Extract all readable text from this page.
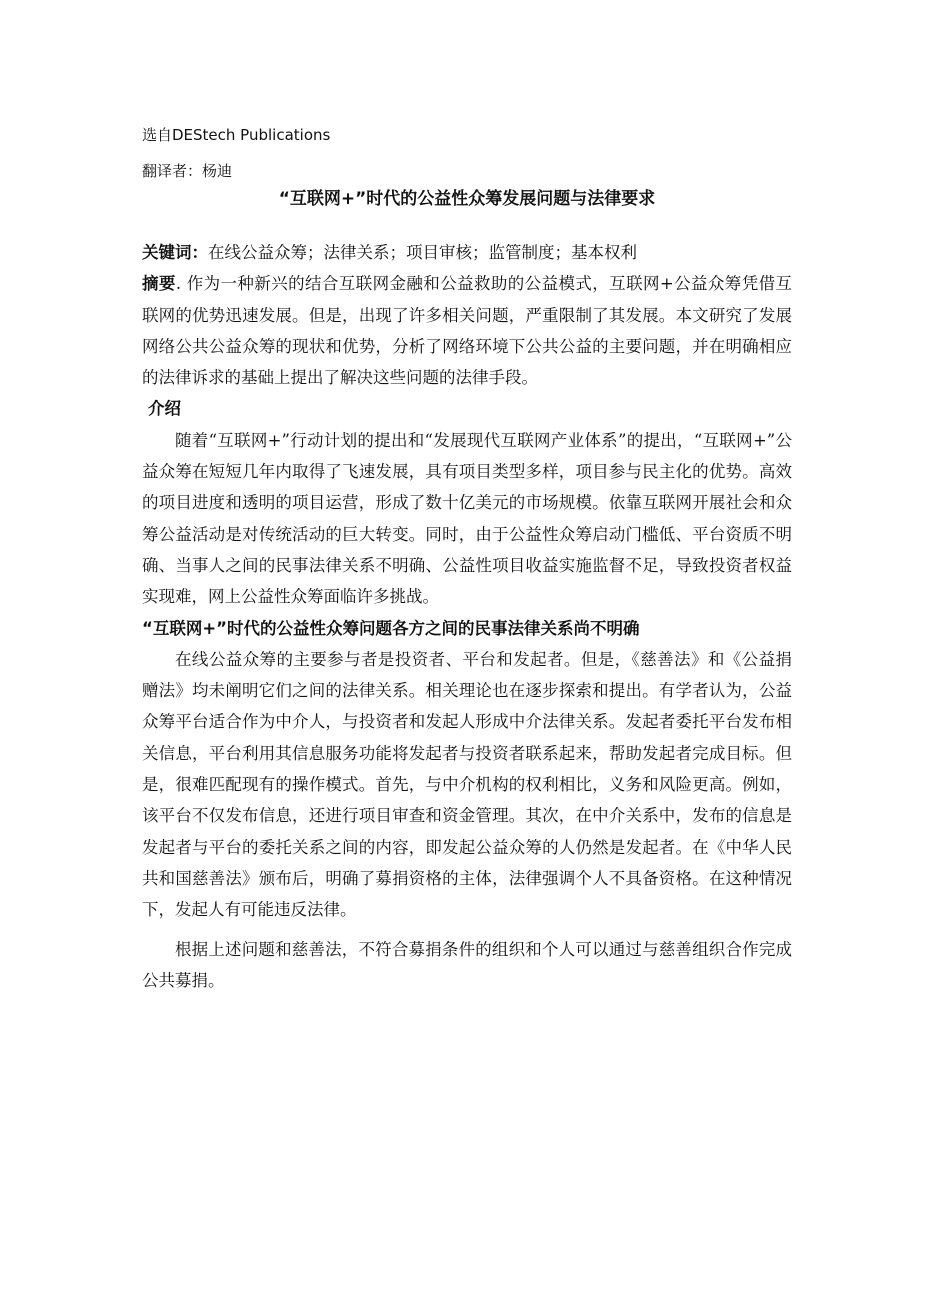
选自DEStech Publications
翻译者：杨迪
“互联网+”时代的公益性众筹发展问题与法律要求

关键词：在线公益众筹；法律关系；项目审核；监管制度；基本权利

摘要. 作为一种新兴的结合互联网金融和公益救助的公益模式，互联网+公益众筹凭借互联网的优势迅速发展。但是，出现了许多相关问题，严重限制了其发展。本文研究了发展网络公共公益众筹的现状和优势，分析了网络环境下公共公益的主要问题，并在明确相应的法律诉求的基础上提出了解决这些问题的法律手段。

介绍

随着“互联网+”行动计划的提出和“发展现代互联网产业体系”的提出，“互联网+”公益众筹在短短几年内取得了飞速发展，具有项目类型多样，项目参与民主化的优势。高效的项目进度和透明的项目运营，形成了数十亿美元的市场规模。依靠互联网开展社会和众筹公益活动是对传统活动的巨大转变。同时，由于公益性众筹启动门槛低、平台资质不明确、当事人之间的民事法律关系不明确、公益性项目收益实施监督不足，导致投资者权益实现难，网上公益性众筹面临许多挑战。

“互联网+”时代的公益性众筹问题各方之间的民事法律关系尚不明确

在线公益众筹的主要参与者是投资者、平台和发起者。但是，《慈善法》和《公益捐赠法》均未阐明它们之间的法律关系。相关理论也在逐步探索和提出。有学者认为，公益众筹平台适合作为中介人，与投资者和发起人形成中介法律关系。发起者委托平台发布相关信息，平台利用其信息服务功能将发起者与投资者联系起来，帮助发起者完成目标。但是，很难匹配现有的操作模式。首先，与中介机构的权利相比，义务和风险更高。例如，该平台不仅发布信息，还进行项目审查和资金管理。其次，在中介关系中，发布的信息是发起者与平台的委托关系之间的内容，即发起公益众筹的人仍然是发起者。在《中华人民共和国慈善法》颁布后，明确了募捐资格的主体，法律强调个人不具备资格。在这种情况下，发起人有可能违反法律。

根据上述问题和慈善法，不符合募捐条件的组织和个人可以通过与慈善组织合作完成公共募捐。
